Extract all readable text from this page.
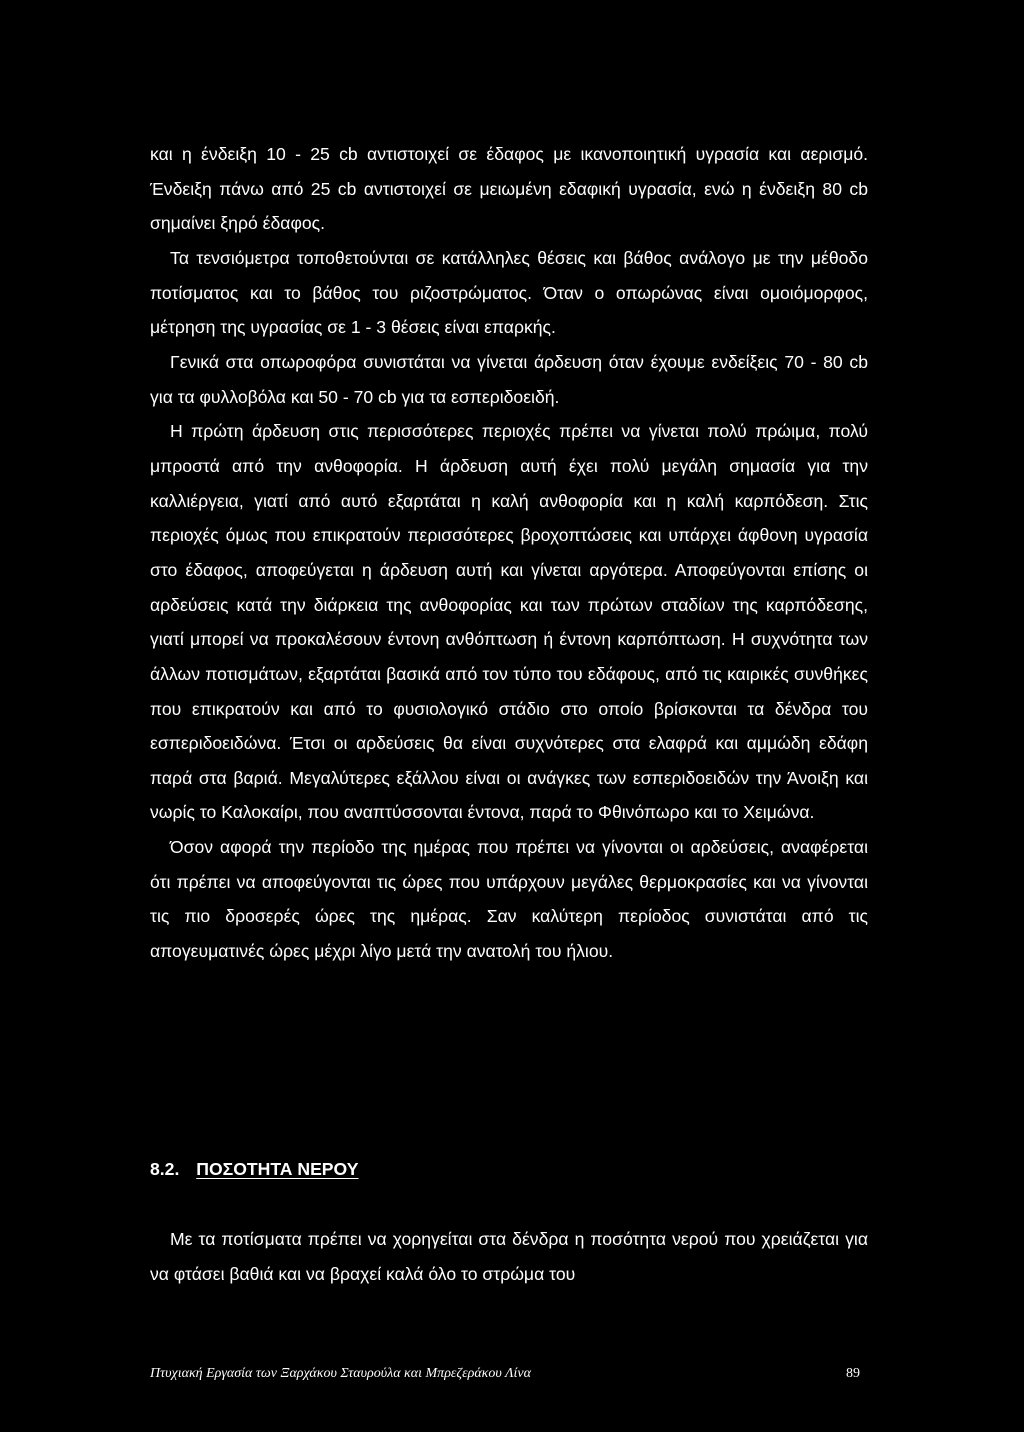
και η ένδειξη 10 - 25 cb αντιστοιχεί σε έδαφος με ικανοποιητική υγρασία και αερισμό. Ένδειξη πάνω από 25 cb αντιστοιχεί σε μειωμένη εδαφική υγρασία, ενώ η ένδειξη 80 cb σημαίνει ξηρό έδαφος.

Τα τενσιόμετρα τοποθετούνται σε κατάλληλες θέσεις και βάθος ανάλογο με την μέθοδο ποτίσματος και το βάθος του ριζοστρώματος. Όταν ο οπωρώνας είναι ομοιόμορφος, μέτρηση της υγρασίας σε 1 - 3 θέσεις είναι επαρκής.

Γενικά στα οπωροφόρα συνιστάται να γίνεται άρδευση όταν έχουμε ενδείξεις 70 - 80 cb για τα φυλλοβόλα και 50 - 70 cb για τα εσπεριδοειδή.

Η πρώτη άρδευση στις περισσότερες περιοχές πρέπει να γίνεται πολύ πρώιμα, πολύ μπροστά από την ανθοφορία. Η άρδευση αυτή έχει πολύ μεγάλη σημασία για την καλλιέργεια, γιατί από αυτό εξαρτάται η καλή ανθοφορία και η καλή καρπόδεση. Στις περιοχές όμως που επικρατούν περισσότερες βροχοπτώσεις και υπάρχει άφθονη υγρασία στο έδαφος, αποφεύγεται η άρδευση αυτή και γίνεται αργότερα. Αποφεύγονται επίσης οι αρδεύσεις κατά την διάρκεια της ανθοφορίας και των πρώτων σταδίων της καρπόδεσης, γιατί μπορεί να προκαλέσουν έντονη ανθόπτωση ή έντονη καρπόπτωση. Η συχνότητα των άλλων ποτισμάτων, εξαρτάται βασικά από τον τύπο του εδάφους, από τις καιρικές συνθήκες που επικρατούν και από το φυσιολογικό στάδιο στο οποίο βρίσκονται τα δένδρα του εσπεριδοειδώνα. Έτσι οι αρδεύσεις θα είναι συχνότερες στα ελαφρά και αμμώδη εδάφη παρά στα βαριά. Μεγαλύτερες εξάλλου είναι οι ανάγκες των εσπεριδοειδών την Άνοιξη και νωρίς το Καλοκαίρι, που αναπτύσσονται έντονα, παρά το Φθινόπωρο και το Χειμώνα.

Όσον αφορά την περίοδο της ημέρας που πρέπει να γίνονται οι αρδεύσεις, αναφέρεται ότι πρέπει να αποφεύγονται τις ώρες που υπάρχουν μεγάλες θερμοκρασίες και να γίνονται τις πιο δροσερές ώρες της ημέρας. Σαν καλύτερη περίοδος συνιστάται από τις απογευματινές ώρες μέχρι λίγο μετά την ανατολή του ήλιου.

8.2. ΠΟΣΟΤΗΤΑ ΝΕΡΟΥ

Με τα ποτίσματα πρέπει να χορηγείται στα δένδρα η ποσότητα νερού που χρειάζεται για να φτάσει βαθιά και να βραχεί καλά όλο το στρώμα του

Πτυχιακή Εργασία των Ξαρχάκου Σταυρούλα και Μπρεζεράκου Λίνα	89
